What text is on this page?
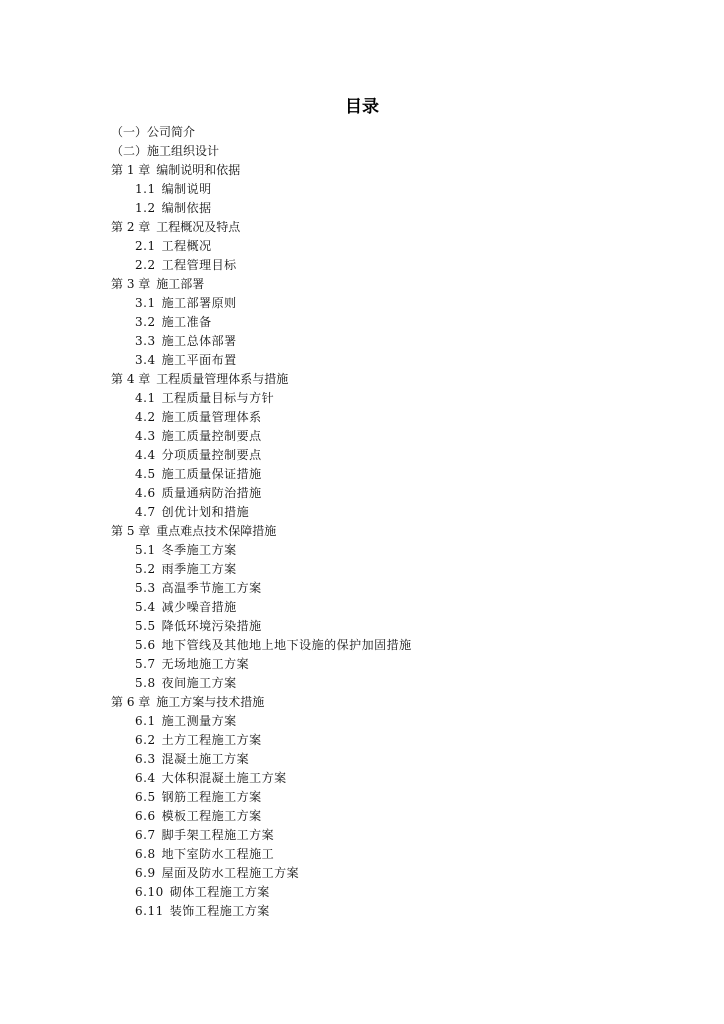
目录
（一）公司简介
（二）施工组织设计
第 1 章 编制说明和依据
1.1 编制说明
1.2 编制依据
第 2 章 工程概况及特点
2.1 工程概况
2.2 工程管理目标
第 3 章 施工部署
3.1 施工部署原则
3.2 施工准备
3.3 施工总体部署
3.4 施工平面布置
第 4 章 工程质量管理体系与措施
4.1 工程质量目标与方针
4.2 施工质量管理体系
4.3 施工质量控制要点
4.4 分项质量控制要点
4.5 施工质量保证措施
4.6 质量通病防治措施
4.7 创优计划和措施
第 5 章 重点难点技术保障措施
5.1 冬季施工方案
5.2 雨季施工方案
5.3 高温季节施工方案
5.4 减少噪音措施
5.5 降低环境污染措施
5.6 地下管线及其他地上地下设施的保护加固措施
5.7 无场地施工方案
5.8 夜间施工方案
第 6 章 施工方案与技术措施
6.1 施工测量方案
6.2 土方工程施工方案
6.3 混凝土施工方案
6.4 大体积混凝土施工方案
6.5 钢筋工程施工方案
6.6 模板工程施工方案
6.7 脚手架工程施工方案
6.8 地下室防水工程施工
6.9 屋面及防水工程施工方案
6.10 砌体工程施工方案
6.11 装饰工程施工方案
